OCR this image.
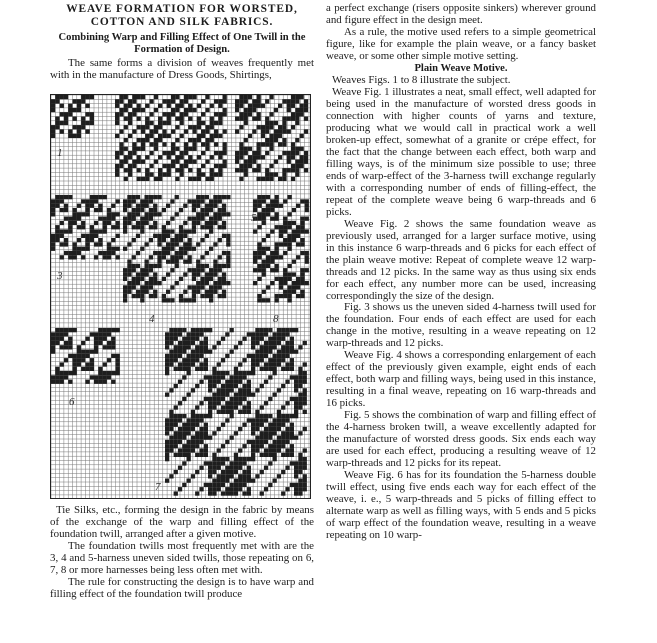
WEAVE FORMATION FOR WORSTED, COTTON AND SILK FABRICS.
Combining Warp and Filling Effect of One Twill in the Formation of Design.

The same forms a division of weaves frequently met with in the manufacture of Dress Goods, Shirtings,

1
2
3
4
5
6
7
8

Tie Silks, etc., forming the design in the fabric by means of the exchange of the warp and filling effect of the foundation twill, arranged after a given motive.

The foundation twills most frequently met with are the 3, 4 and 5-harness uneven sided twills, those repeating on 6, 7, 8 or more harnesses being less often met with.

The rule for constructing the design is to have warp and filling effect of the foundation twill produce

a perfect exchange (risers opposite sinkers) wherever ground and figure effect in the design meet.

As a rule, the motive used refers to a simple geometrical figure, like for example the plain weave, or a fancy basket weave, or some other simple motive setting.

Plain Weave Motive.

Weaves Figs. 1 to 8 illustrate the subject.

Weave Fig. 1 illustrates a neat, small effect, well adapted for being used in the manufacture of worsted dress goods in connection with higher counts of yarns and texture, producing what we would call in practical work a well broken-up effect, somewhat of a granite or crépe effect, for the fact that the change between each effect, both warp and filling ways, is of the minimum size possible to use; three ends of warp-effect of the 3-harness twill exchange regularly with a corresponding number of ends of filling-effect, the repeat of the complete weave being 6 warp-threads and 6 picks.

Weave Fig. 2 shows the same foundation weave as previously used, arranged for a larger surface motive, using in this instance 6 warp-threads and 6 picks for each effect of the plain weave motive: Repeat of complete weave 12 warp-threads and 12 picks. In the same way as thus using six ends for each effect, any number more can be used, increasing correspondingly the size of the design.

Fig. 3 shows us the uneven sided 4-harness twill used for the foundation. Four ends of each effect are used for each change in the motive, resulting in a weave repeating on 12 warp-threads and 12 picks.

Weave Fig. 4 shows a corresponding enlargement of each effect of the previously given example, eight ends of each effect, both warp and filling ways, being used in this instance, resulting in a final weave, repeating on 16 warp-threads and 16 picks.

Fig. 5 shows the combination of warp and filling effect of the 4-harness broken twill, a weave excellently adapted for the manufacture of worsted dress goods. Six ends each way are used for each effect, producing a resulting weave of 12 warp-threads and 12 picks for its repeat.

Weave Fig. 6 has for its foundation the 5-harness double twill effect, using five ends each way for each effect of the weave, i. e., 5 warp-threads and 5 picks of filling effect to alternate warp as well as filling ways, with 5 ends and 5 picks of warp effect of the foundation weave, resulting in a weave repeating on 10 warp-
